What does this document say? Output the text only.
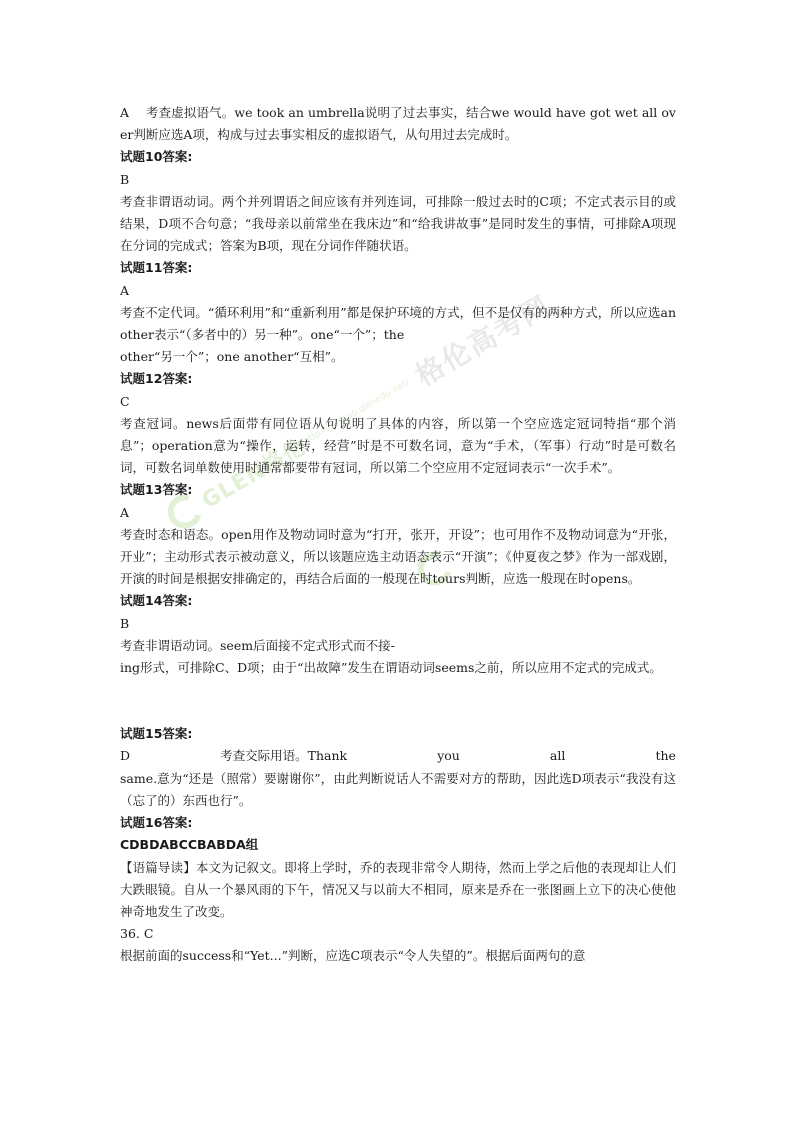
GLEN格伦
http://gaokao.glenedu.net/
格伦高考网

A　 考查虚拟语气。we took an umbrella说明了过去事实，结合we would have got wet all over判断应选A项，构成与过去事实相反的虚拟语气，从句用过去完成时。

试题10答案:

B

考查非谓语动词。两个并列谓语之间应该有并列连词，可排除一般过去时的C项；不定式表示目的或结果，D项不合句意；“我母亲以前常坐在我床边”和“给我讲故事”是同时发生的事情，可排除A项现在分词的完成式；答案为B项，现在分词作伴随状语。

试题11答案:

A

考查不定代词。“循环利用”和“重新利用”都是保护环境的方式，但不是仅有的两种方式，所以应选another表示“（多者中的）另一种”。one“一个”；the

other“另一个”；one another“互相”。

试题12答案:

C

考查冠词。news后面带有同位语从句说明了具体的内容，所以第一个空应选定冠词特指“那个消息”；operation意为“操作，运转，经营”时是不可数名词，意为“手术，（军事）行动”时是可数名词，可数名词单数使用时通常都要带有冠词，所以第二个空应用不定冠词表示“一次手术”。

试题13答案:

A

考查时态和语态。open用作及物动词时意为“打开，张开，开设”；也可用作不及物动词意为“开张，开业”；主动形式表示被动意义，所以该题应选主动语态表示“开演”；《仲夏夜之梦》作为一部戏剧，开演的时间是根据安排确定的，再结合后面的一般现在时tours判断，应选一般现在时opens。

试题14答案:

B

考查非谓语动词。seem后面接不定式形式而不接-

ing形式，可排除C、D项；由于“出故障”发生在谓语动词seems之前，所以应用不定式的完成式。

试题15答案:

D	考查交际用语。Thank	you	all	the

same.意为“还是（照常）要谢谢你”，由此判断说话人不需要对方的帮助，因此选D项表示“我没有这（忘了的）东西也行”。

试题16答案:

CDBDABCCBABDA组

【语篇导读】本文为记叙文。即将上学时，乔的表现非常令人期待，然而上学之后他的表现却让人们大跌眼镜。自从一个暴风雨的下午，情况又与以前大不相同，原来是乔在一张图画上立下的决心使他神奇地发生了改变。

36. C

根据前面的success和“Yet...”判断，应选C项表示“令人失望的”。根据后面两句的意
